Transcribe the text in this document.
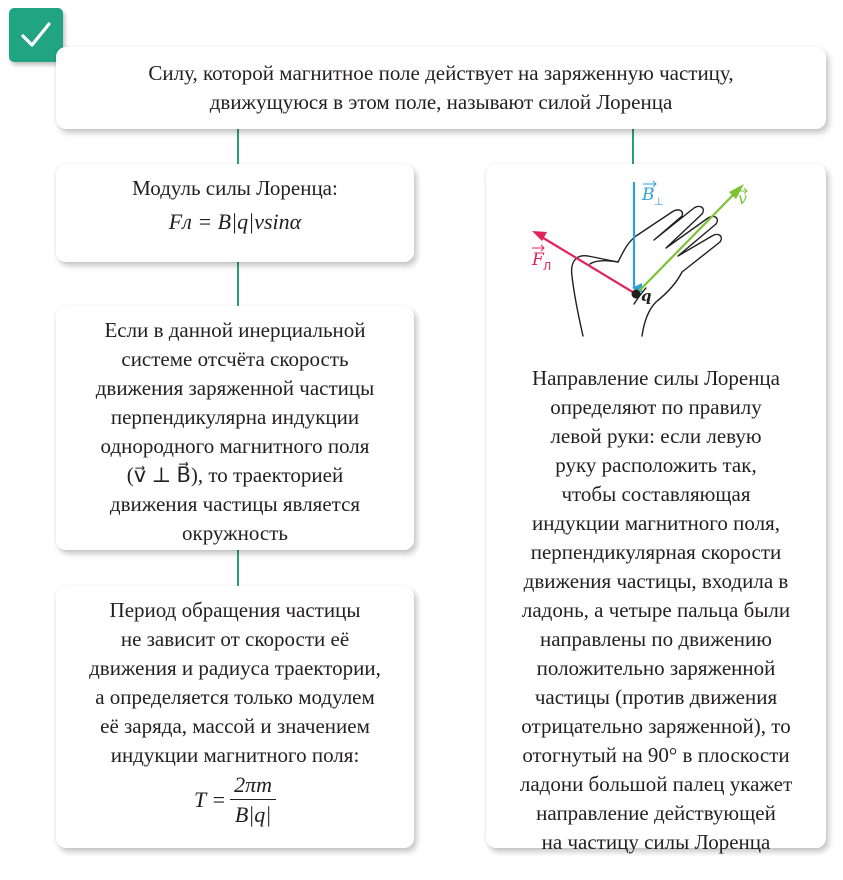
Силу, которой магнитное поле действует на заряженную частицу,
движущуюся в этом поле, называют силой Лоренца
Модуль силы Лоренца:
Fл = B|q|vsinα
Если в данной инерциальной
системе отсчёта скорость
движения заряженной частицы
перпендикулярна индукции
однородного магнитного поля
(v⃗ ⊥ B⃗), то траекторией
движения частицы является
окружность
Период обращения частицы
не зависит от скорости её
движения и радиуса траектории,
а определяется только модулем
её заряда, массой и значением
индукции магнитного поля:
$T = \frac{2\pi m}{B|q|}$
B ⊥	v
F Л
q
Направление силы Лоренца
определяют по правилу
левой руки: если левую
руку расположить так,
чтобы составляющая
индукции магнитного поля,
перпендикулярная скорости
движения частицы, входила в
ладонь, а четыре пальца были
направлены по движению
положительно заряженной
частицы (против движения
отрицательно заряженной), то
отогнутый на 90° в плоскости
ладони большой палец укажет
направление действующей
на частицу силы Лоренца
